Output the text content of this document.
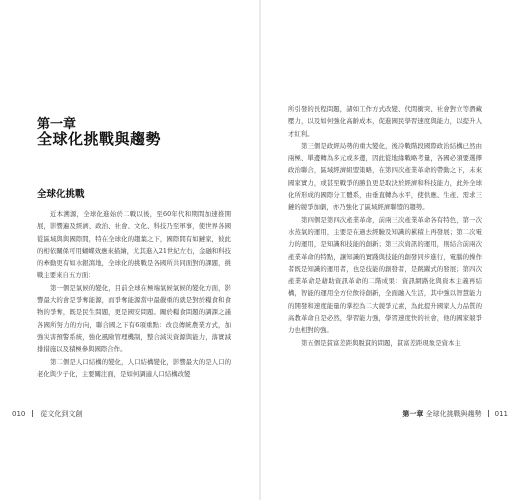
第一章
全球化挑戰與趨勢
全球化挑戰

近本溯源，全球化進始於二戰以後，至60年代和期間加速推開展，影響遍及經濟、政治、社會、文化、科技乃至軍事，使世界各國從區域與與國際間，特在全球化的趨葉之下，國際間有如鏈家，彼此的相依關係可用蝴蝶效應來描繪，尤其進入21世紀左右，金融和科技的牽動更有如水銀瀉地，全球化的挑戰是各國所共同面對的課題，挑戰主要來自五方面：

第一個是氣候的變化，目前全球在極端氣候氣候的變化方面，影響最大的會是爭奪能源，而爭奪能源當中最嚴重的就是對於糧食和食物的爭奪，既是民生問題，更是國安問題。關於糧食問題的調課之謹各國所努力的方向，聯合國之下有6項重點：改良傳統農業方式，加強災害預警系統，強化風險管理機制，整合減災資源與能力，落實減排措施以及積極參與國際合作。

第二個是人口結構的變化，人口結構變化，影響最大的是人口的老化與少子化，主要關注面，是如何調適人口結構改變

010 從文化到文創

所引發的長程問題，諸如工作方式改變、代間衝突、社會對立等潛藏壓力，以及如何強化高齡成本，促進國民學習速度與能力，以提升人才紅利。

第三個是政經局勢的重大變化，後冷戰階段國際政治結構已然由兩極、單邊轉為多元或多邊，因此從地緣戰略考量，各國必須要選擇政治聯合，區域經濟組盟策略，在第四次產業革命的帶動之下，未來國家實力，或甚至戰爭的勝負更是取決於經濟和科技能力，此外全球化所形成的國際分工體系，由垂直轉為水平，使供應、生產、需求三鏈的競爭加劇，亦乃強化了區域經濟聯盟的趨勢。

第四個是第四次產業革命，前兩三次產業革命各有特色，第一次水蒸氣的運用，主要是在過去經驗及知識的累積上再發展；第二次電力的運用，是知識和技能的創新；第三次資訊的運用，則結合前兩次產業革命的特點，讓知識的實踐與技能的創發同步進行，電腦的操作者既是知識的運用者，也是技能的創發者，是跳躍式的發展；第四次產業革命是藉助資訊革命的二階成果：資訊網路化與資本主義再結構，智能的運用全方位飲待創新，全面融入生活，其中強以智慧能力的開發和速度能量的掌控為二大競爭元素，為此提升國家人力品質的高教革命自是必然，學習能力強，學習速度快的社會，他的國家競爭力也相對的強。

第五個是貧富差距與脫貧的問題，貧富差距現象是資本主

第一章 全球化挑戰與趨勢 011
